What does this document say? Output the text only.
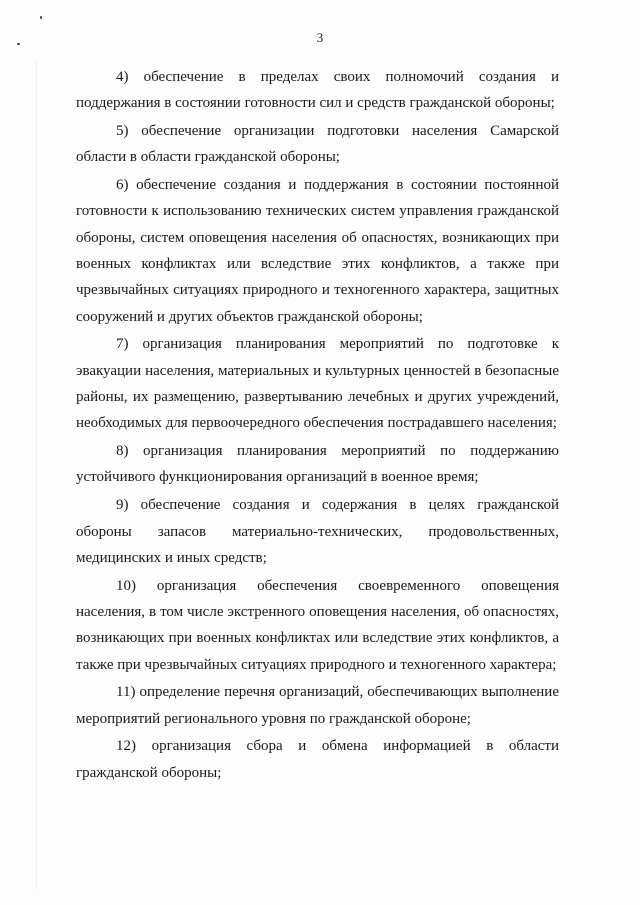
3

4) обеспечение в пределах своих полномочий создания и поддержания в состоянии готовности сил и средств гражданской обороны;

5) обеспечение организации подготовки населения Самарской области в области гражданской обороны;

6) обеспечение создания и поддержания в состоянии постоянной готовности к использованию технических систем управления гражданской обороны, систем оповещения населения об опасностях, возникающих при военных конфликтах или вследствие этих конфликтов, а также при чрезвычайных ситуациях природного и техногенного характера, защитных сооружений и других объектов гражданской обороны;

7) организация планирования мероприятий по подготовке к эвакуации населения, материальных и культурных ценностей в безопасные районы, их размещению, развертыванию лечебных и других учреждений, необходимых для первоочередного обеспечения пострадавшего населения;

8) организация планирования мероприятий по поддержанию устойчивого функционирования организаций в военное время;

9) обеспечение создания и содержания в целях гражданской обороны запасов материально-технических, продовольственных, медицинских и иных средств;

10) организация обеспечения своевременного оповещения населения, в том числе экстренного оповещения населения, об опасностях, возникающих при военных конфликтах или вследствие этих конфликтов, а также при чрезвычайных ситуациях природного и техногенного характера;

11) определение перечня организаций, обеспечивающих выполнение мероприятий регионального уровня по гражданской обороне;

12) организация сбора и обмена информацией в области гражданской обороны;
